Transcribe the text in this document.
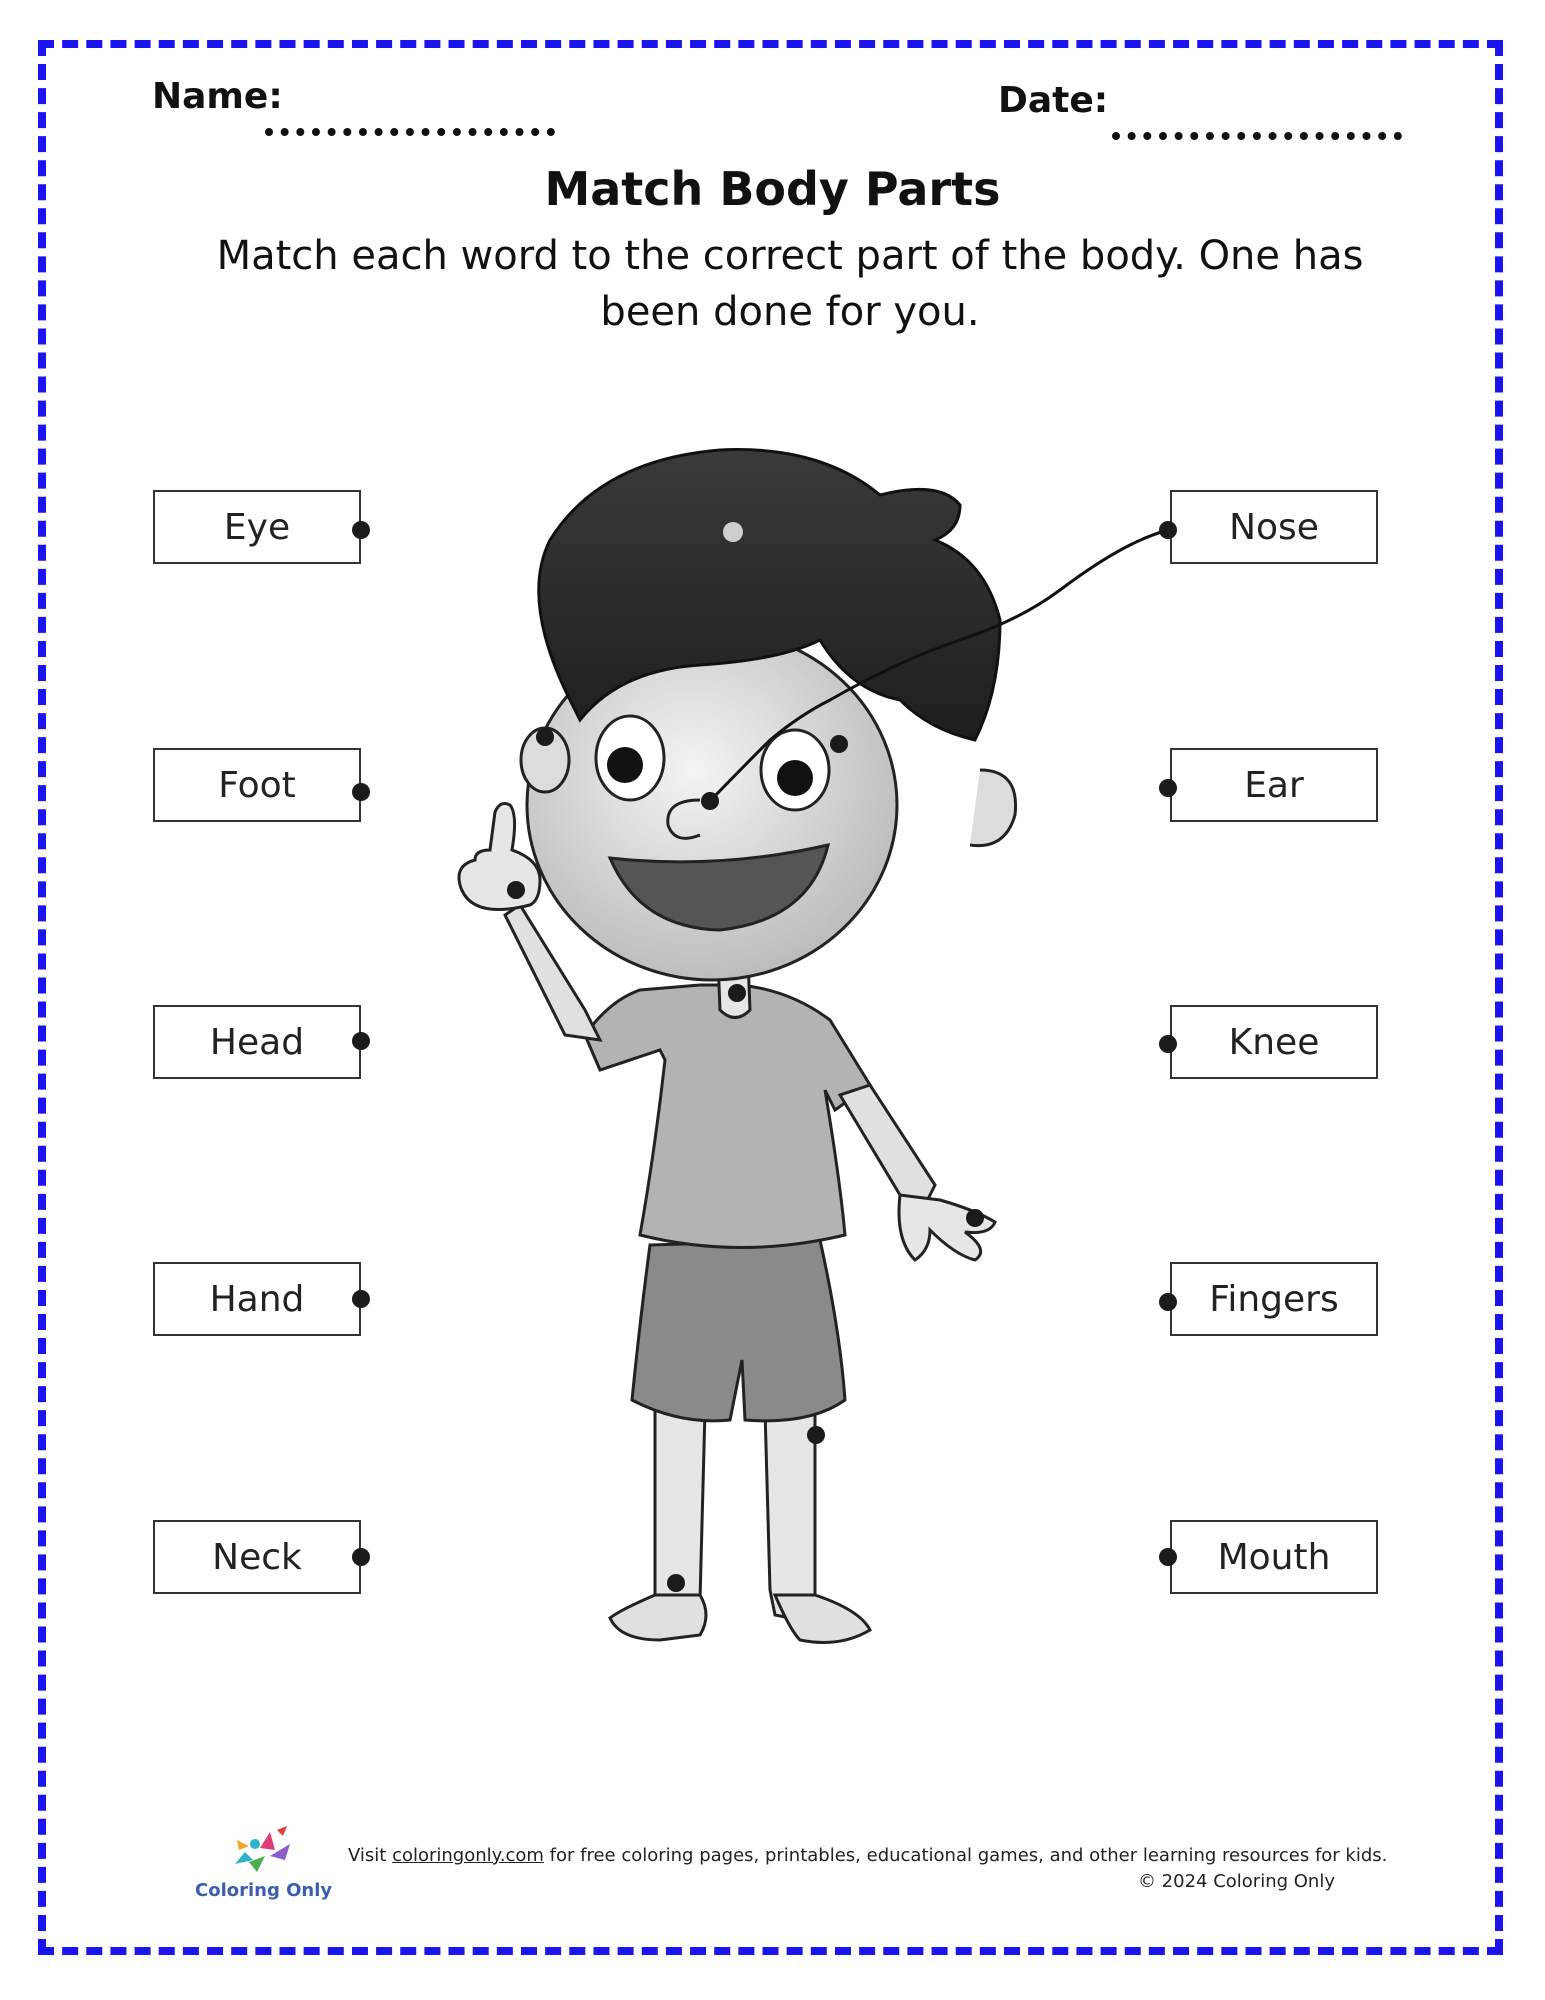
Name:	Date:
Match Body Parts
Match each word to the correct part of the body. One has been done for you.
Eye
Foot
Head
Hand
Neck
Nose
Ear
Knee
Fingers
Mouth
Coloring Only
Visit coloringonly.com for free coloring pages, printables, educational games, and other learning resources for kids.
© 2024 Coloring Only
